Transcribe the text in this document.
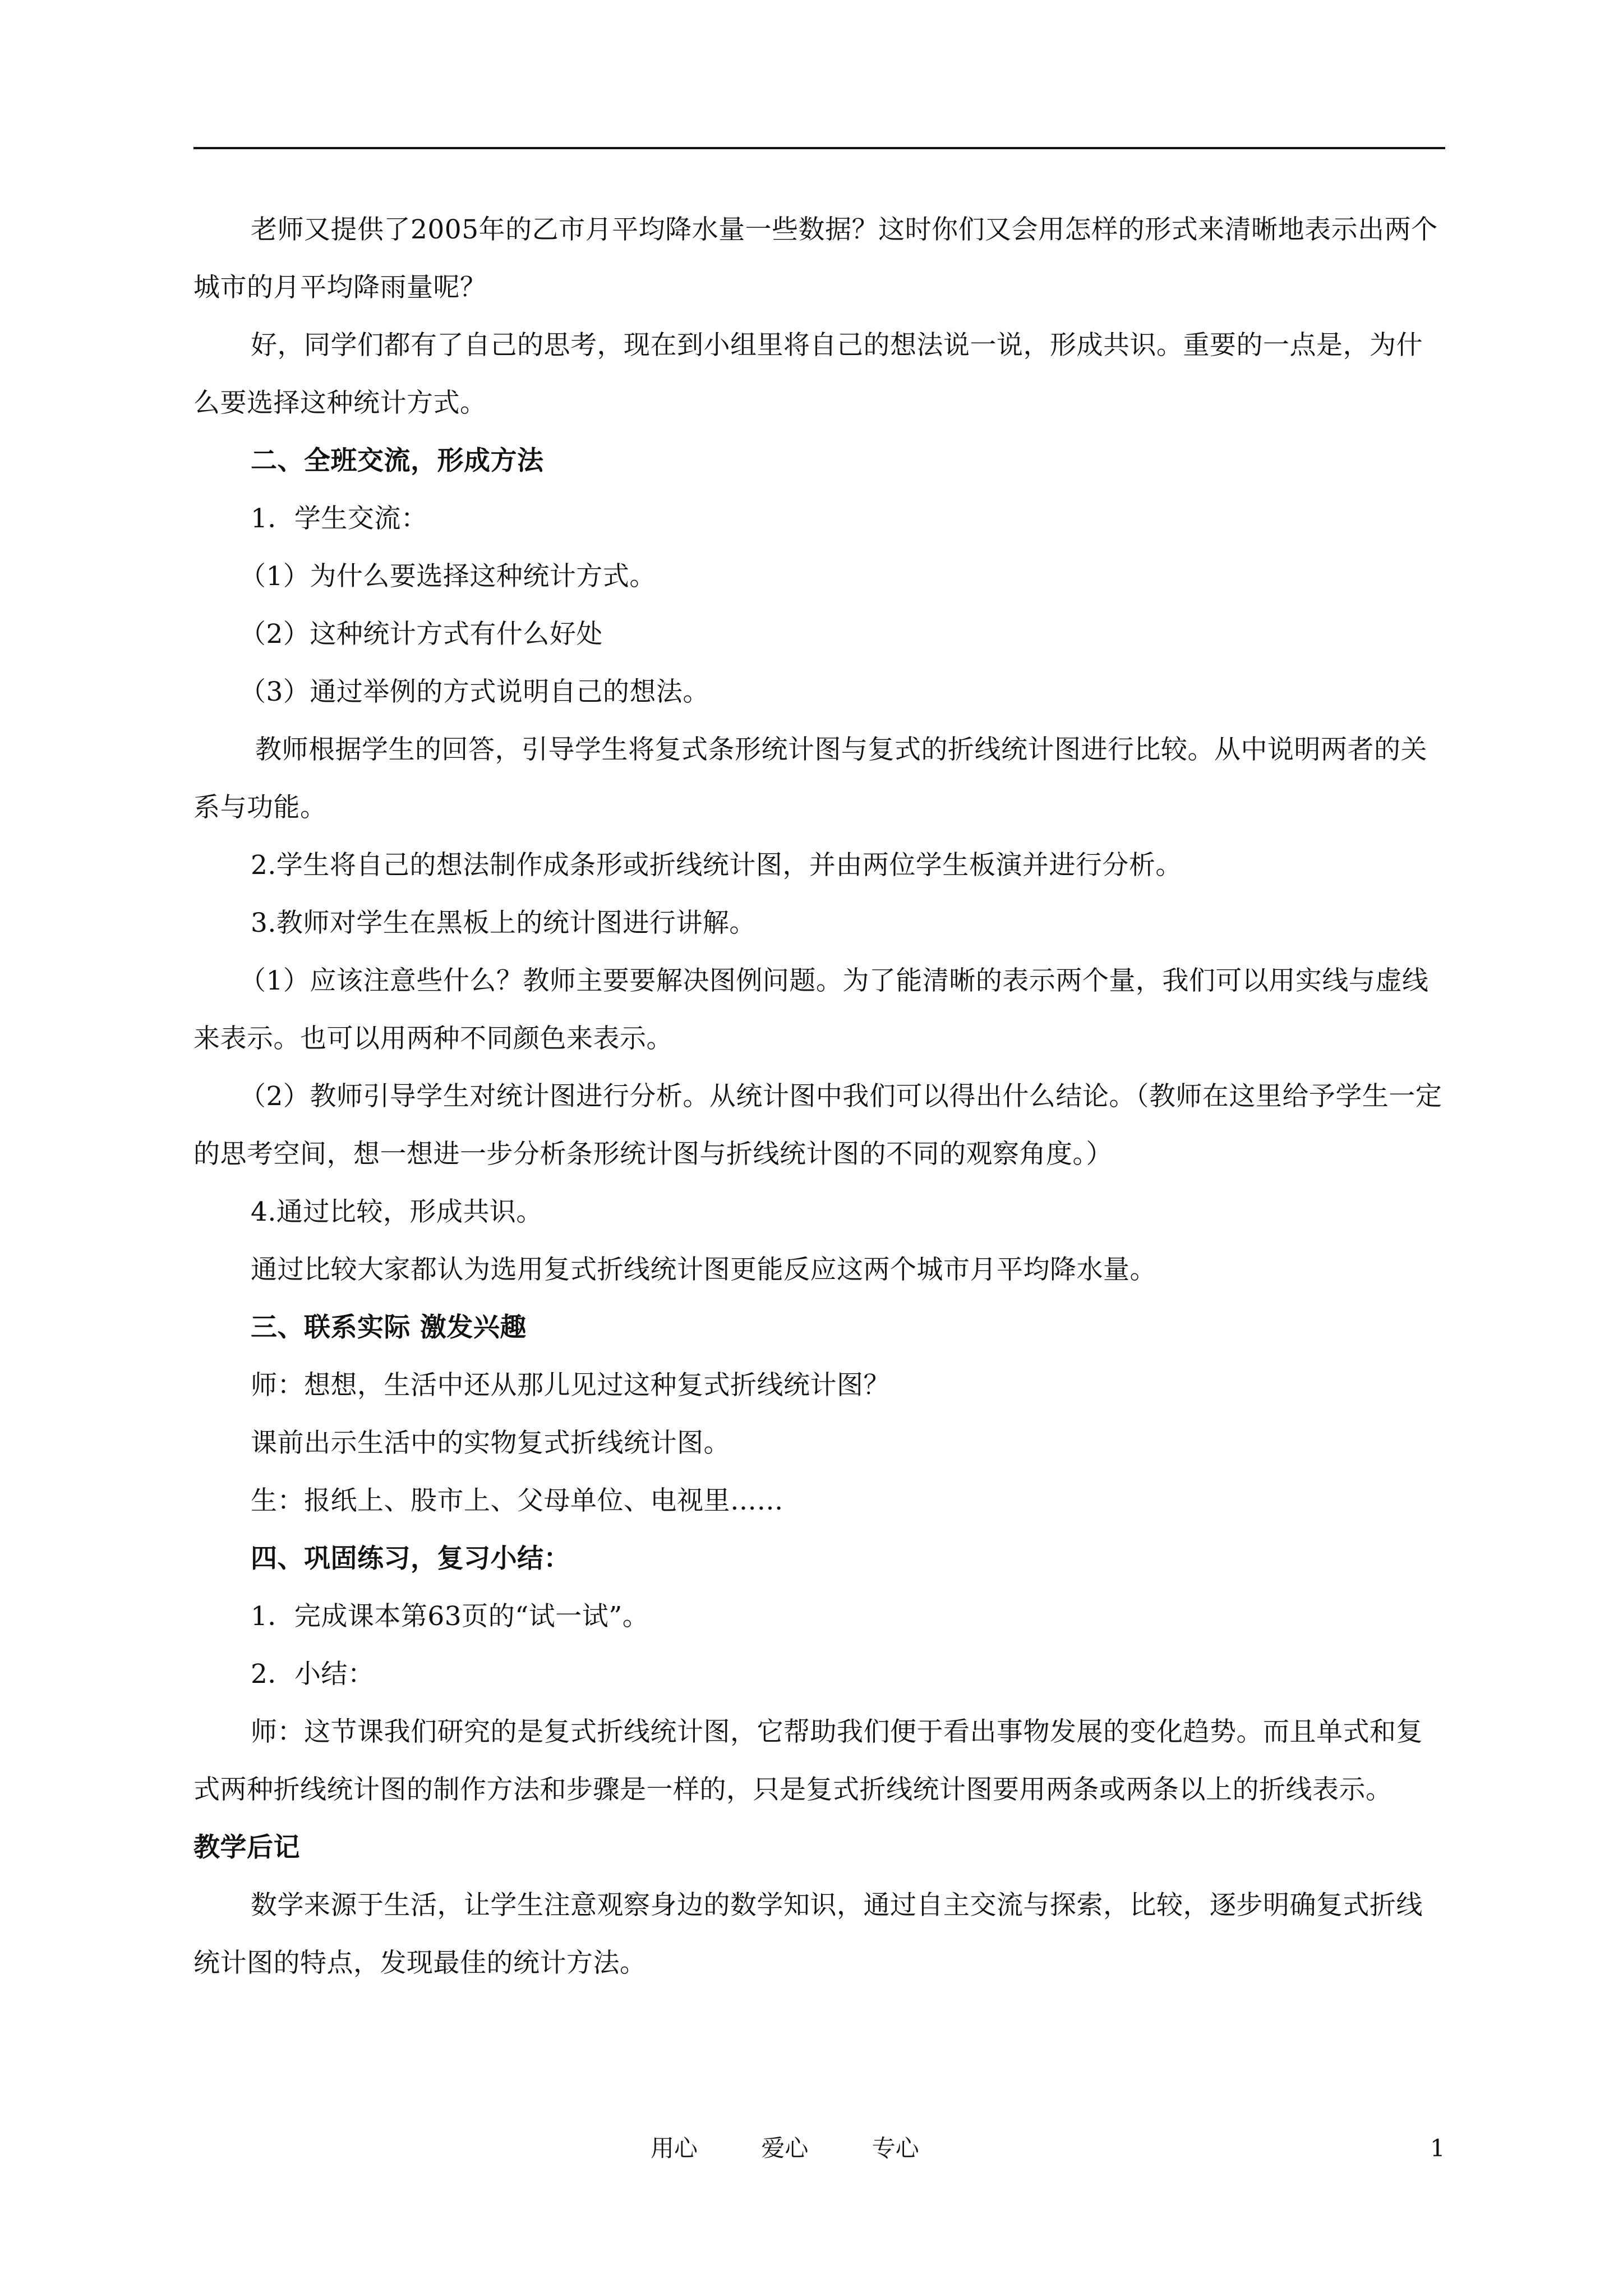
老师又提供了2005年的乙市月平均降水量一些数据？这时你们又会用怎样的形式来清晰地表示出两个城市的月平均降雨量呢？

好，同学们都有了自己的思考，现在到小组里将自己的想法说一说，形成共识。重要的一点是，为什么要选择这种统计方式。

二、全班交流，形成方法

1．学生交流：

（1）为什么要选择这种统计方式。

（2）这种统计方式有什么好处

（3）通过举例的方式说明自己的想法。

教师根据学生的回答，引导学生将复式条形统计图与复式的折线统计图进行比较。从中说明两者的关系与功能。

2.学生将自己的想法制作成条形或折线统计图，并由两位学生板演并进行分析。

3.教师对学生在黑板上的统计图进行讲解。

（1）应该注意些什么？教师主要要解决图例问题。为了能清晰的表示两个量，我们可以用实线与虚线来表示。也可以用两种不同颜色来表示。

（2）教师引导学生对统计图进行分析。从统计图中我们可以得出什么结论。（教师在这里给予学生一定的思考空间，想一想进一步分析条形统计图与折线统计图的不同的观察角度。）

4.通过比较，形成共识。

通过比较大家都认为选用复式折线统计图更能反应这两个城市月平均降水量。

三、联系实际 激发兴趣

师：想想，生活中还从那儿见过这种复式折线统计图？

课前出示生活中的实物复式折线统计图。

生：报纸上、股市上、父母单位、电视里……

四、巩固练习，复习小结：

1．完成课本第63页的“试一试”。

2．小结：

师：这节课我们研究的是复式折线统计图，它帮助我们便于看出事物发展的变化趋势。而且单式和复式两种折线统计图的制作方法和步骤是一样的，只是复式折线统计图要用两条或两条以上的折线表示。

教学后记

数学来源于生活，让学生注意观察身边的数学知识，通过自主交流与探索，比较，逐步明确复式折线统计图的特点，发现最佳的统计方法。

用心	爱心	专心	1
